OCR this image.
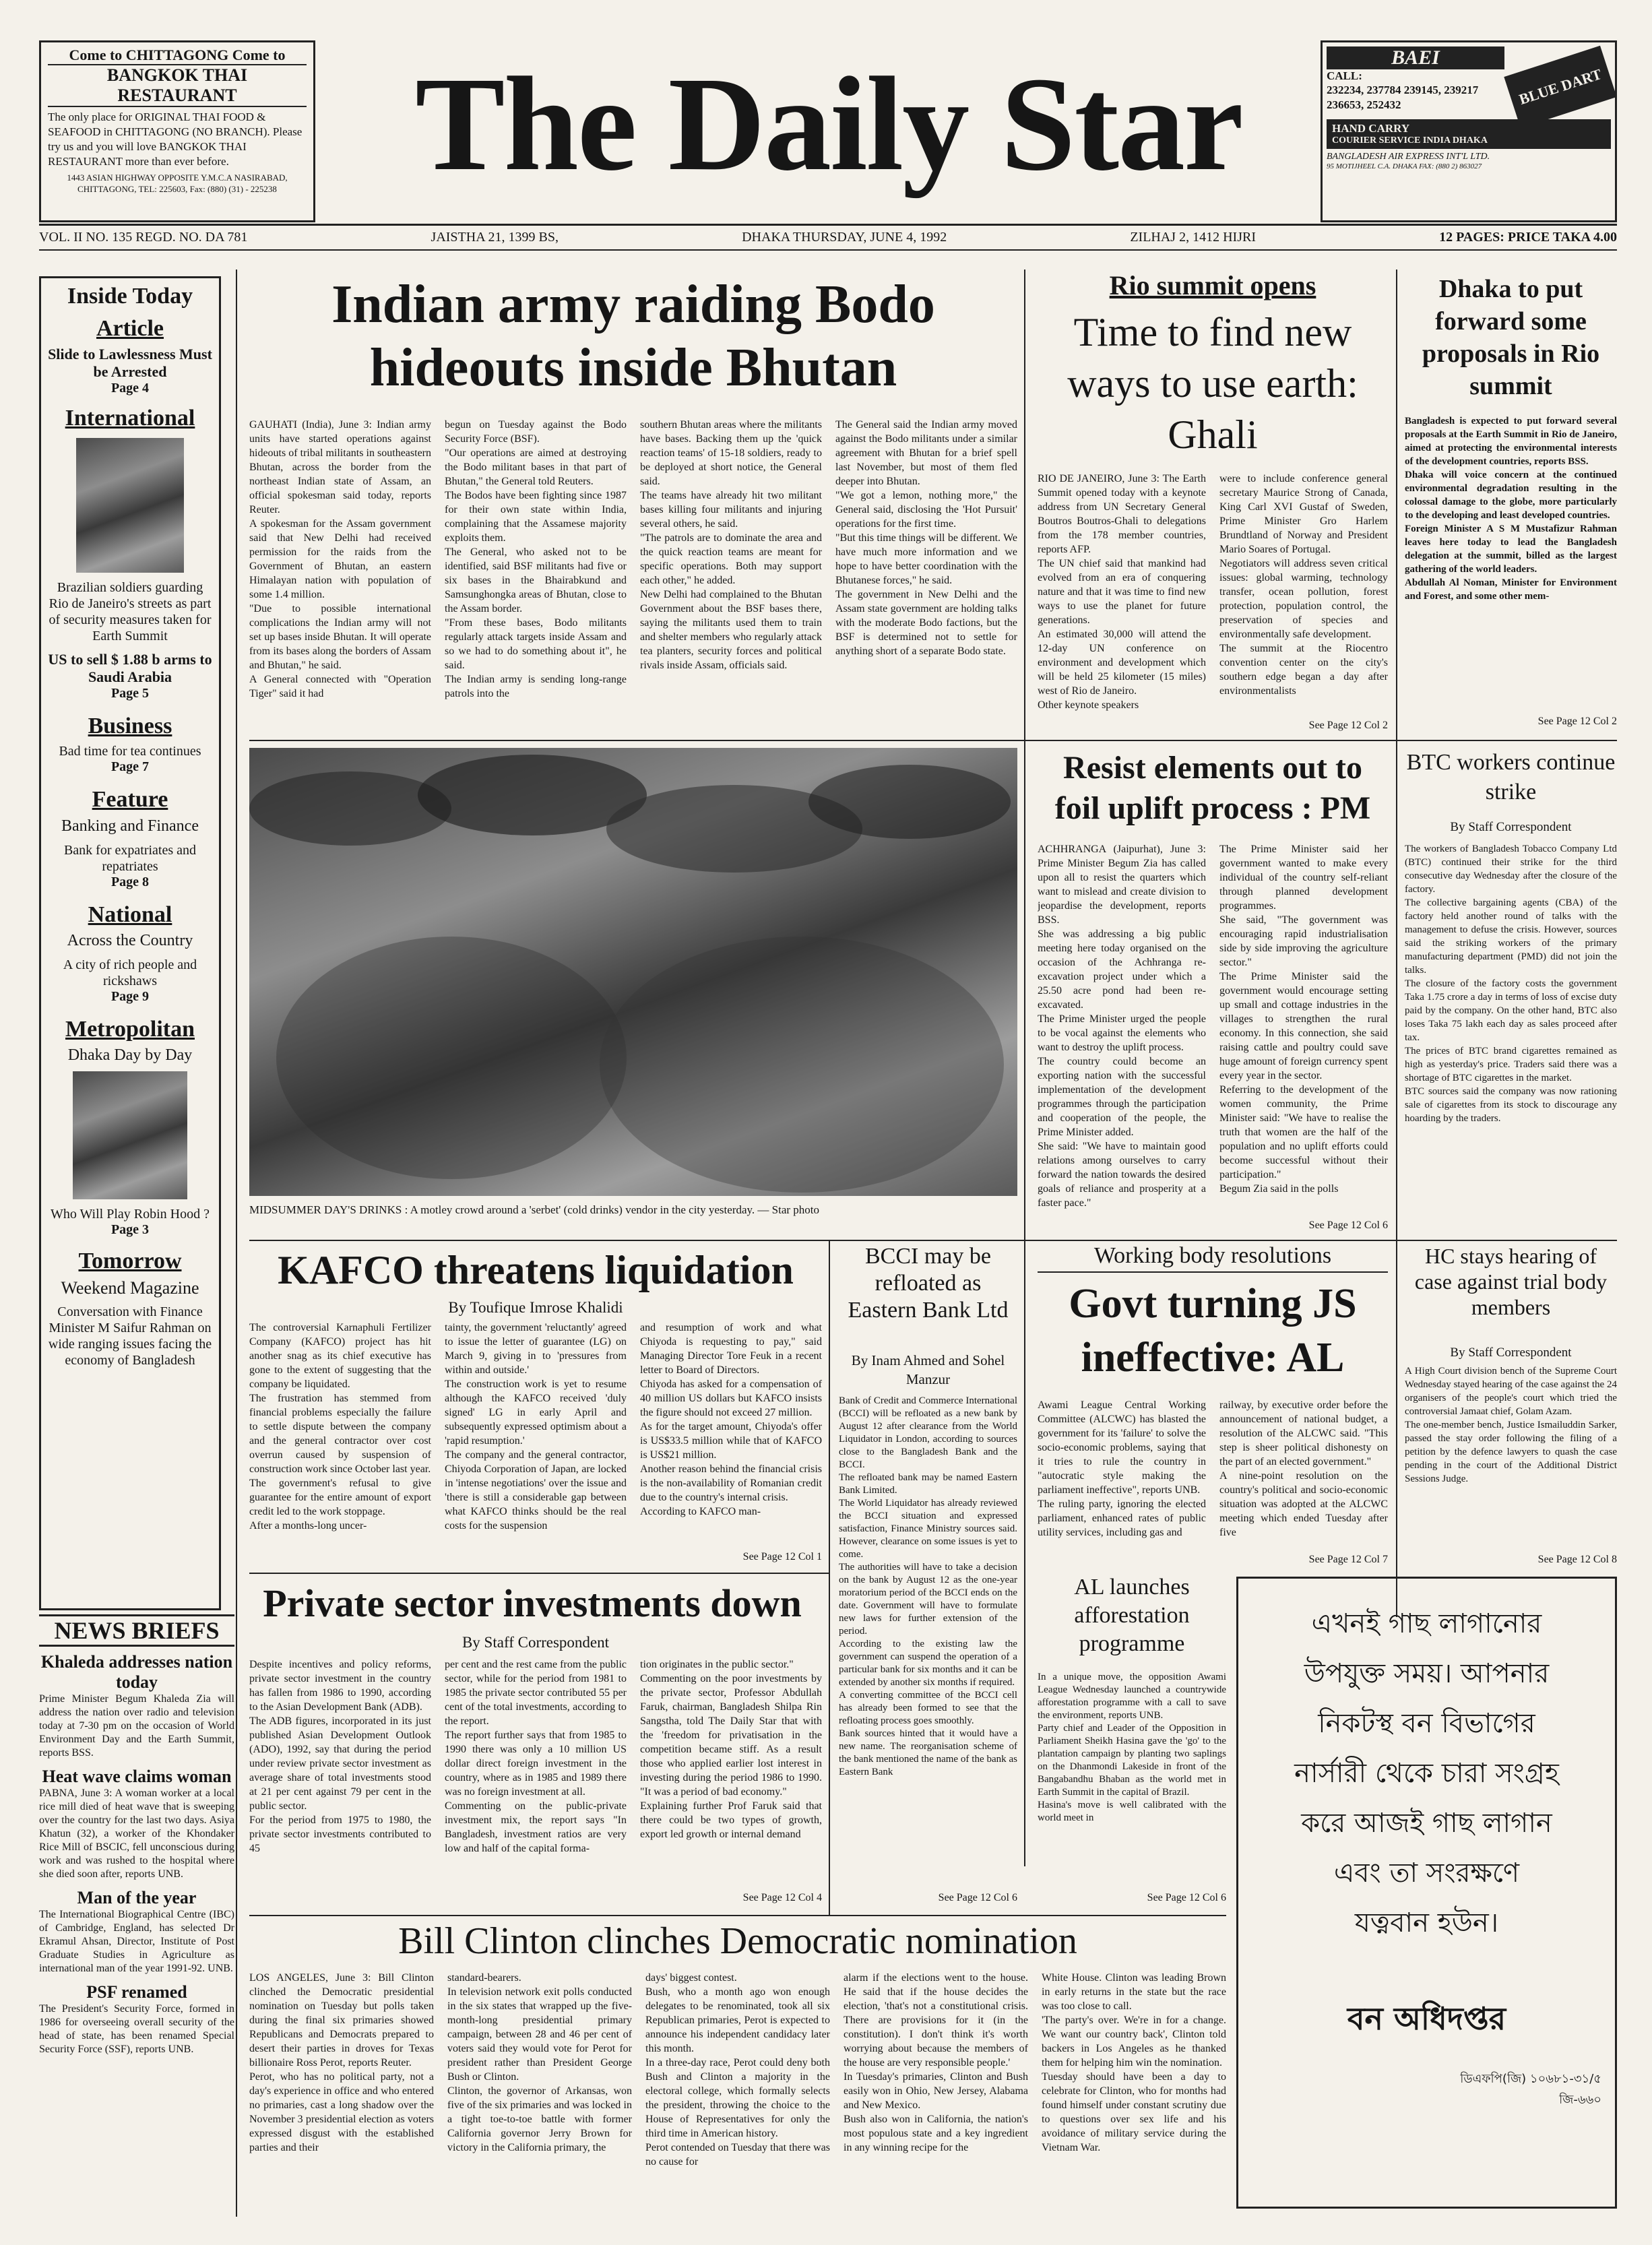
Come to CHITTAGONG Come to
BANGKOK THAI RESTAURANT
The only place for ORIGINAL THAI FOOD & SEAFOOD in CHITTAGONG (NO BRANCH). Please try us and you will love BANGKOK THAI RESTAURANT more than ever before.
1443 ASIAN HIGHWAY OPPOSITE Y.M.C.A NASIRABAD, CHITTAGONG, TEL: 225603, Fax: (880) (31) - 225238 The Daily Star	BAEI
CALL:
232234, 237784 239145, 239217 236653, 252432	BLUE DART
HAND CARRY
COURIER SERVICE INDIA DHAKA
BANGLADESH AIR EXPRESS INT'L LTD.
95 MOTIJHEEL C.A. DHAKA FAX: (880 2) 863027
VOL. II NO. 135 REGD. NO. DA 781	JAISTHA 21, 1399 BS,	DHAKA THURSDAY, JUNE 4, 1992	ZILHAJ 2, 1412 HIJRI	12 PAGES: PRICE TAKA 4.00
Inside Today
Article
Slide to Lawlessness Must be Arrested
Page 4
International
Brazilian soldiers guarding Rio de Janeiro's streets as part of security measures taken for Earth Summit
US to sell $ 1.88 b arms to Saudi Arabia
Page 5
Business
Bad time for tea continues
Page 7
Feature
Banking and Finance
Bank for expatriates and repatriates
Page 8
National
Across the Country
A city of rich people and rickshaws
Page 9
Metropolitan
Dhaka Day by Day
Who Will Play Robin Hood ?
Page 3
Tomorrow
Weekend Magazine
Conversation with Finance Minister M Saifur Rahman on wide ranging issues facing the economy of Bangladesh
NEWS BRIEFS
Khaleda addresses nation today
Prime Minister Begum Khaleda Zia will address the nation over radio and television today at 7-30 pm on the occasion of World Environment Day and the Earth Summit, reports BSS.
Heat wave claims woman
PABNA, June 3: A woman worker at a local rice mill died of heat wave that is sweeping over the country for the last two days. Asiya Khatun (32), a worker of the Khondaker Rice Mill of BSCIC, fell unconscious during work and was rushed to the hospital where she died soon after, reports UNB.
Man of the year
The International Biographical Centre (IBC) of Cambridge, England, has selected Dr Ekramul Ahsan, Director, Institute of Post Graduate Studies in Agriculture as international man of the year 1991-92. UNB.
PSF renamed
The President's Security Force, formed in 1986 for overseeing overall security of the head of state, has been renamed Special Security Force (SSF), reports UNB.
Indian army raiding Bodo hideouts inside Bhutan
GAUHATI (India), June 3: Indian army units have started operations against hideouts of tribal militants in southeastern Bhutan, across the border from the northeast Indian state of Assam, an official spokesman said today, reports Reuter.
A spokesman for the Assam government said that New Delhi had received permission for the raids from the Government of Bhutan, an eastern Himalayan nation with population of some 1.4 million.
"Due to possible international complications the Indian army will not set up bases inside Bhutan. It will operate from its bases along the borders of Assam and Bhutan," he said.
A General connected with "Operation Tiger" said it had
begun on Tuesday against the Bodo Security Force (BSF).
"Our operations are aimed at destroying the Bodo militant bases in that part of Bhutan," the General told Reuters.
The Bodos have been fighting since 1987 for their own state within India, complaining that the Assamese majority exploits them.
The General, who asked not to be identified, said BSF militants had five or six bases in the Bhairabkund and Samsunghongka areas of Bhutan, close to the Assam border.
"From these bases, Bodo militants regularly attack targets inside Assam and so we had to do something about it", he said.
The Indian army is sending long-range patrols into the
southern Bhutan areas where the militants have bases. Backing them up the 'quick reaction teams' of 15-18 soldiers, ready to be deployed at short notice, the General said.
The teams have already hit two militant bases killing four militants and injuring several others, he said.
"The patrols are to dominate the area and the quick reaction teams are meant for specific operations. Both may support each other," he added.
New Delhi had complained to the Bhutan Government about the BSF bases there, saying the militants used them to train and shelter members who regularly attack tea planters, security forces and political rivals inside Assam, officials said.
The General said the Indian army moved against the Bodo militants under a similar agreement with Bhutan for a brief spell last November, but most of them fled deeper into Bhutan.
"We got a lemon, nothing more," the General said, disclosing the 'Hot Pursuit' operations for the first time.
"But this time things will be different. We have much more information and we hope to have better coordination with the Bhutanese forces," he said.
The government in New Delhi and the Assam state government are holding talks with the moderate Bodo factions, but the BSF is determined not to settle for anything short of a separate Bodo state.
Rio summit opens
Time to find new ways to use earth: Ghali
RIO DE JANEIRO, June 3: The Earth Summit opened today with a keynote address from UN Secretary General Boutros Boutros-Ghali to delegations from the 178 member countries, reports AFP.
The UN chief said that mankind had evolved from an era of conquering nature and that it was time to find new ways to use the planet for future generations.
An estimated 30,000 will attend the 12-day UN conference on environment and development which will be held 25 kilometer (15 miles) west of Rio de Janeiro.
Other keynote speakers
were to include conference general secretary Maurice Strong of Canada, King Carl XVI Gustaf of Sweden, Prime Minister Gro Harlem Brundtland of Norway and President Mario Soares of Portugal.
Negotiators will address seven critical issues: global warming, technology transfer, ocean pollution, forest protection, population control, the preservation of species and environmentally safe development.
The summit at the Riocentro convention center on the city's southern edge began a day after environmentalists
See Page 12 Col 2
Dhaka to put forward some proposals in Rio summit
Bangladesh is expected to put forward several proposals at the Earth Summit in Rio de Janeiro, aimed at protecting the environmental interests of the development countries, reports BSS.
Dhaka will voice concern at the continued environmental degradation resulting in the colossal damage to the globe, more particularly to the developing and least developed countries.
Foreign Minister A S M Mustafizur Rahman leaves here today to lead the Bangladesh delegation at the summit, billed as the largest gathering of the world leaders.
Abdullah Al Noman, Minister for Environment and Forest, and some other mem-
See Page 12 Col 2
MIDSUMMER DAY'S DRINKS : A motley crowd around a 'serbet' (cold drinks) vendor in the city yesterday. — Star photo
Resist elements out to foil uplift process : PM
ACHHRANGA (Jaipurhat), June 3: Prime Minister Begum Zia has called upon all to resist the quarters which want to mislead and create division to jeopardise the development, reports BSS.
She was addressing a big public meeting here today organised on the occasion of the Achhranga re-excavation project under which a 25.50 acre pond had been re-excavated.
The Prime Minister urged the people to be vocal against the elements who want to destroy the uplift process.
The country could become an exporting nation with the successful implementation of the development programmes through the participation and cooperation of the people, the Prime Minister added.
She said: "We have to maintain good relations among ourselves to carry forward the nation towards the desired goals of reliance and prosperity at a faster pace."
The Prime Minister said her government wanted to make every individual of the country self-reliant through planned development programmes.
She said, "The government was encouraging rapid industrialisation side by side improving the agriculture sector."
The Prime Minister said the government would encourage setting up small and cottage industries in the villages to strengthen the rural economy. In this connection, she said raising cattle and poultry could save huge amount of foreign currency spent every year in the sector.
Referring to the development of the women community, the Prime Minister said: "We have to realise the truth that women are the half of the population and no uplift efforts could become successful without their participation."
Begum Zia said in the polls
See Page 12 Col 6
BTC workers continue strike
By Staff Correspondent
The workers of Bangladesh Tobacco Company Ltd (BTC) continued their strike for the third consecutive day Wednesday after the closure of the factory.
The collective bargaining agents (CBA) of the factory held another round of talks with the management to defuse the crisis. However, sources said the striking workers of the primary manufacturing department (PMD) did not join the talks.
The closure of the factory costs the government Taka 1.75 crore a day in terms of loss of excise duty paid by the company. On the other hand, BTC also loses Taka 75 lakh each day as sales proceed after tax.
The prices of BTC brand cigarettes remained as high as yesterday's price. Traders said there was a shortage of BTC cigarettes in the market.
BTC sources said the company was now rationing sale of cigarettes from its stock to discourage any hoarding by the traders.
KAFCO threatens liquidation
By Toufique Imrose Khalidi
The controversial Karnaphuli Fertilizer Company (KAFCO) project has hit another snag as its chief executive has gone to the extent of suggesting that the company be liquidated.
The frustration has stemmed from financial problems especially the failure to settle dispute between the company and the general contractor over cost overrun caused by suspension of construction work since October last year.
The government's refusal to give guarantee for the entire amount of export credit led to the work stoppage.
After a months-long uncer-
tainty, the government 'reluctantly' agreed to issue the letter of guarantee (LG) on March 9, giving in to 'pressures from within and outside.'
The construction work is yet to resume although the KAFCO received 'duly signed' LG in early April and subsequently expressed optimism about a 'rapid resumption.'
The company and the general contractor, Chiyoda Corporation of Japan, are locked in 'intense negotiations' over the issue and 'there is still a considerable gap between what KAFCO thinks should be the real costs for the suspension
and resumption of work and what Chiyoda is requesting to pay," said Managing Director Tore Feuk in a recent letter to Board of Directors.
Chiyoda has asked for a compensation of 40 million US dollars but KAFCO insists the figure should not exceed 27 million.
As for the target amount, Chiyoda's offer is US$33.5 million while that of KAFCO is US$21 million.
Another reason behind the financial crisis is the non-availability of Romanian credit due to the country's internal crisis.
According to KAFCO man-
See Page 12 Col 1
BCCI may be refloated as Eastern Bank Ltd
By Inam Ahmed and Sohel Manzur
Bank of Credit and Commerce International (BCCI) will be refloated as a new bank by August 12 after clearance from the World Liquidator in London, according to sources close to the Bangladesh Bank and the BCCI.
The refloated bank may be named Eastern Bank Limited.
The World Liquidator has already reviewed the BCCI situation and expressed satisfaction, Finance Ministry sources said. However, clearance on some issues is yet to come.
The authorities will have to take a decision on the bank by August 12 as the one-year moratorium period of the BCCI ends on the date. Government will have to formulate new laws for further extension of the period.
According to the existing law the government can suspend the operation of a particular bank for six months and it can be extended by another six months if required.
A converting committee of the BCCI cell has already been formed to see that the refloating process goes smoothly.
Bank sources hinted that it would have a new name. The reorganisation scheme of the bank mentioned the name of the bank as Eastern Bank
See Page 12 Col 6
Working body resolutions
Govt turning JS ineffective: AL
Awami League Central Working Committee (ALCWC) has blasted the government for its 'failure' to solve the socio-economic problems, saying that it tries to rule the country in "autocratic style making the parliament ineffective", reports UNB.
The ruling party, ignoring the elected parliament, enhanced rates of public utility services, including gas and
railway, by executive order before the announcement of national budget, a resolution of the ALCWC said. "This step is sheer political dishonesty on the part of an elected government."
A nine-point resolution on the country's political and socio-economic situation was adopted at the ALCWC meeting which ended Tuesday after five
See Page 12 Col 7
HC stays hearing of case against trial body members
By Staff Correspondent
A High Court division bench of the Supreme Court Wednesday stayed hearing of the case against the 24 organisers of the people's court which tried the controversial Jamaat chief, Golam Azam.
The one-member bench, Justice Ismailuddin Sarker, passed the stay order following the filing of a petition by the defence lawyers to quash the case pending in the court of the Additional District Sessions Judge.
See Page 12 Col 8
Private sector investments down
By Staff Correspondent
Despite incentives and policy reforms, private sector investment in the country has fallen from 1986 to 1990, according to the Asian Development Bank (ADB).
The ADB figures, incorporated in its just published Asian Development Outlook (ADO), 1992, say that during the period under review private sector investment as average share of total investments stood at 21 per cent against 79 per cent in the public sector.
For the period from 1975 to 1980, the private sector investments contributed to 45
per cent and the rest came from the public sector, while for the period from 1981 to 1985 the private sector contributed 55 per cent of the total investments, according to the report.
The report further says that from 1985 to 1990 there was only a 10 million US dollar direct foreign investment in the country, where as in 1985 and 1989 there was no foreign investment at all.
Commenting on the public-private investment mix, the report says "In Bangladesh, investment ratios are very low and half of the capital forma-
tion originates in the public sector."
Commenting on the poor investments by the private sector, Professor Abdullah Faruk, chairman, Bangladesh Shilpa Rin Sangstha, told The Daily Star that with the 'freedom for privatisation in the competition became stiff. As a result those who applied earlier lost interest in investing during the period 1986 to 1990. "It was a period of bad economy."
Explaining further Prof Faruk said that there could be two types of growth, export led growth or internal demand
See Page 12 Col 4
AL launches afforestation programme
In a unique move, the opposition Awami League Wednesday launched a countrywide afforestation programme with a call to save the environment, reports UNB.
Party chief and Leader of the Opposition in Parliament Sheikh Hasina gave the 'go' to the plantation campaign by planting two saplings on the Dhanmondi Lakeside in front of the Bangabandhu Bhaban as the world met in Earth Summit in the capital of Brazil.
Hasina's move is well calibrated with the world meet in
See Page 12 Col 6
এখনই গাছ লাগানোর
উপযুক্ত সময়। আপনার
নিকটস্থ বন বিভাগের
নার্সারী থেকে চারা সংগ্রহ
করে আজই গাছ লাগান
এবং তা সংরক্ষণে
যত্নবান হউন।
বন অধিদপ্তর
ডিএফপি(জি) ১০৬৮১-৩১/৫
জি-৬৬০
Bill Clinton clinches Democratic nomination
LOS ANGELES, June 3: Bill Clinton clinched the Democratic presidential nomination on Tuesday but polls taken during the final six primaries showed Republicans and Democrats prepared to desert their parties in droves for Texas billionaire Ross Perot, reports Reuter.
Perot, who has no political party, not a day's experience in office and who entered no primaries, cast a long shadow over the November 3 presidential election as voters expressed disgust with the established parties and their
standard-bearers.
In television network exit polls conducted in the six states that wrapped up the five-month-long presidential primary campaign, between 28 and 46 per cent of voters said they would vote for Perot for president rather than President George Bush or Clinton.
Clinton, the governor of Arkansas, won five of the six primaries and was locked in a tight toe-to-toe battle with former California governor Jerry Brown for victory in the California primary, the
days' biggest contest.
Bush, who a month ago won enough delegates to be renominated, took all six Republican primaries, Perot is expected to announce his independent candidacy later this month.
In a three-day race, Perot could deny both Bush and Clinton a majority in the electoral college, which formally selects the president, throwing the choice to the House of Representatives for only the third time in American history.
Perot contended on Tuesday that there was no cause for
alarm if the elections went to the house. He said that if the house decides the election, 'that's not a constitutional crisis. There are provisions for it (in the constitution). I don't think it's worth worrying about because the members of the house are very responsible people.'
In Tuesday's primaries, Clinton and Bush easily won in Ohio, New Jersey, Alabama and New Mexico.
Bush also won in California, the nation's most populous state and a key ingredient in any winning recipe for the
White House. Clinton was leading Brown in early returns in the state but the race was too close to call.
'The party's over. We're in for a change. We want our country back', Clinton told backers in Los Angeles as he thanked them for helping him win the nomination.
Tuesday should have been a day to celebrate for Clinton, who for months had found himself under constant scrutiny due to questions over sex life and his avoidance of military service during the Vietnam War.
